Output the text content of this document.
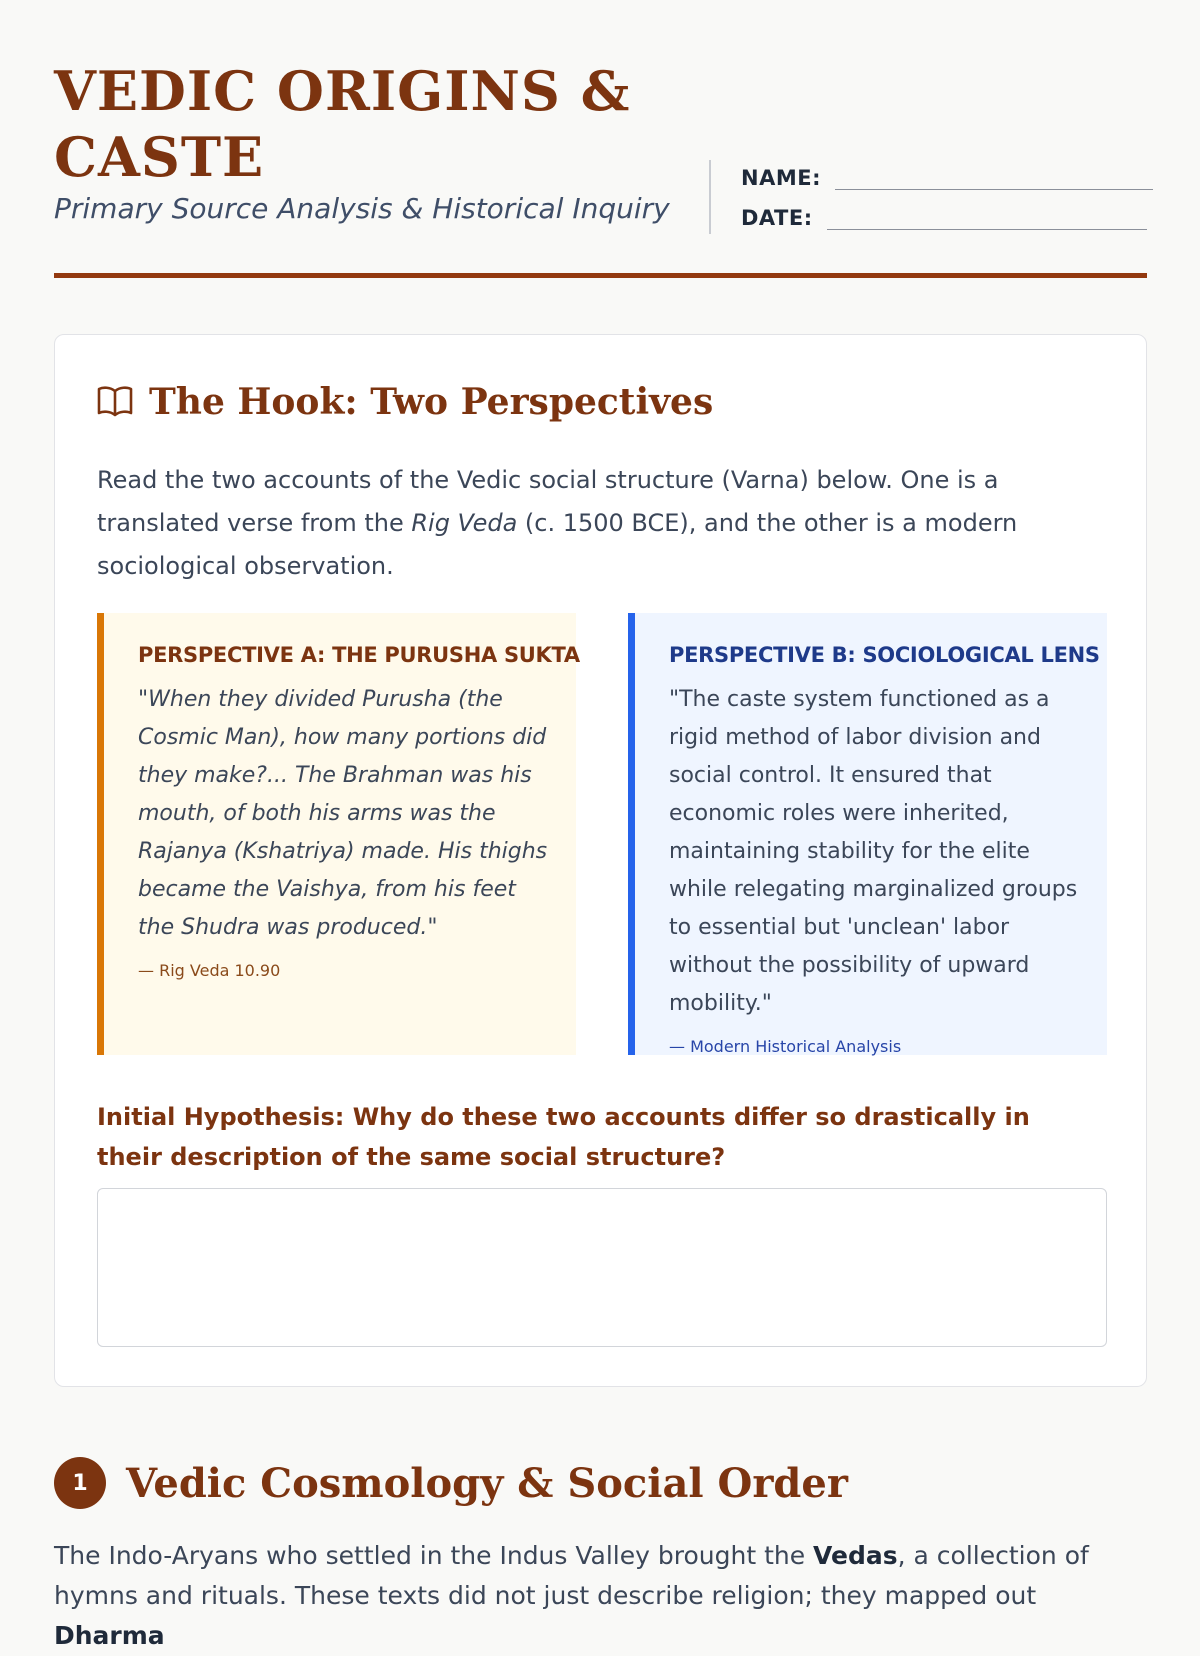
VEDIC ORIGINS & CASTE
Primary Source Analysis & Historical Inquiry
NAME:
DATE:
The Hook: Two Perspectives

Read the two accounts of the Vedic social structure (Varna) below. One is a translated verse from the Rig Veda (c. 1500 BCE), and the other is a modern sociological observation.

PERSPECTIVE A: THE PURUSHA SUKTA
"When they divided Purusha (the Cosmic Man), how many portions did they make?... The Brahman was his mouth, of both his arms was the Rajanya (Kshatriya) made. His thighs became the Vaishya, from his feet the Shudra was produced."
— Rig Veda 10.90
PERSPECTIVE B: SOCIOLOGICAL LENS
"The caste system functioned as a rigid method of labor division and social control. It ensured that economic roles were inherited, maintaining stability for the elite while relegating marginalized groups to essential but 'unclean' labor without the possibility of upward mobility."
— Modern Historical Analysis
Initial Hypothesis: Why do these two accounts differ so drastically in their description of the same social structure?
1 Vedic Cosmology & Social Order

The Indo-Aryans who settled in the Indus Valley brought the Vedas, a collection of hymns and rituals. These texts did not just describe religion; they mapped out Dharma
